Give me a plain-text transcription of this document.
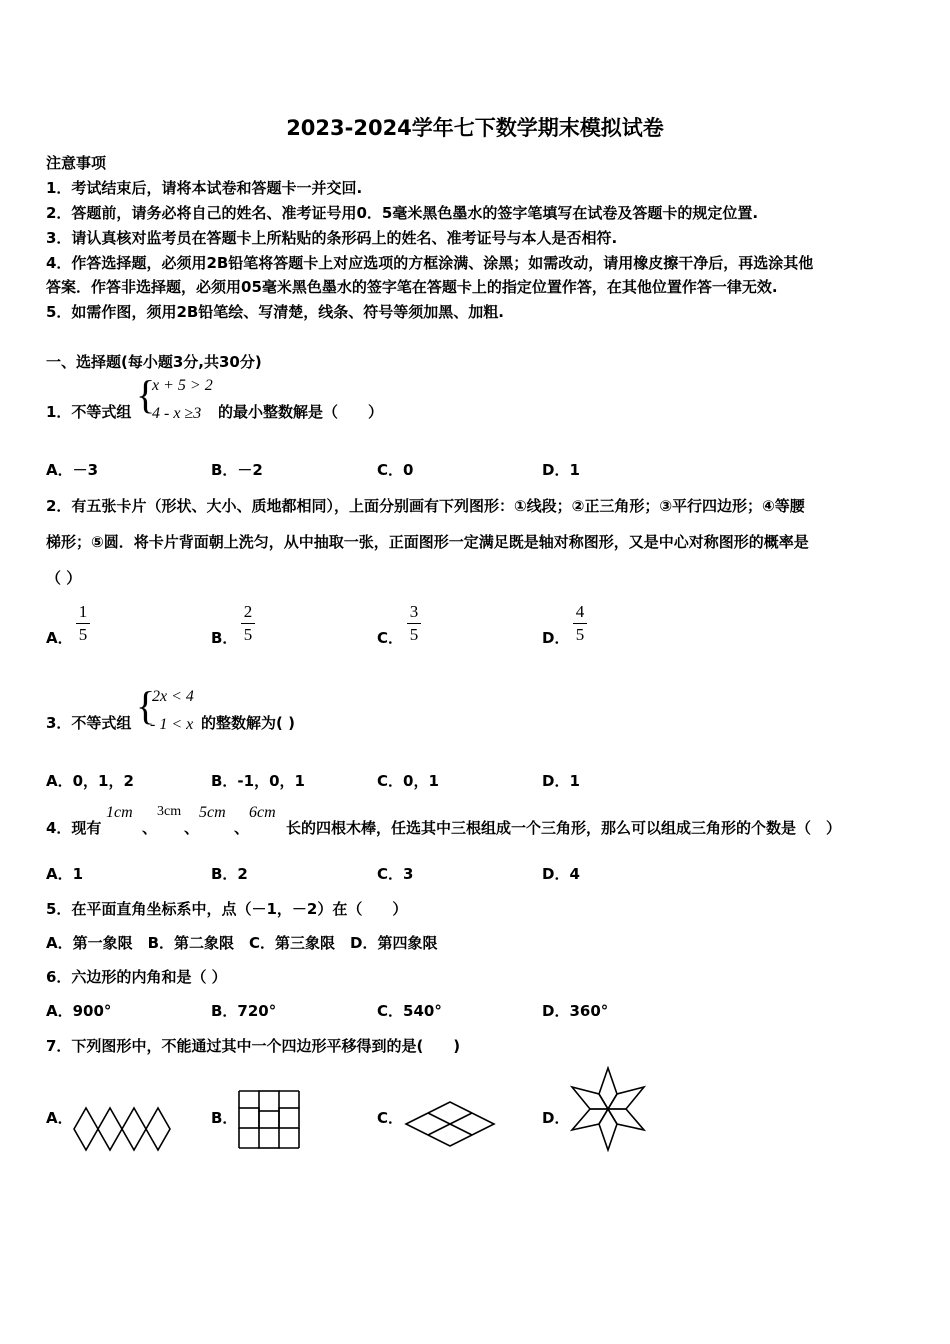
2023-2024学年七下数学期末模拟试卷
注意事项
1．考试结束后，请将本试卷和答题卡一并交回.
2．答题前，请务必将自己的姓名、准考证号用0．5毫米黑色墨水的签字笔填写在试卷及答题卡的规定位置.
3．请认真核对监考员在答题卡上所粘贴的条形码上的姓名、准考证号与本人是否相符.
4．作答选择题，必须用2B铅笔将答题卡上对应选项的方框涂满、涂黑；如需改动，请用橡皮擦干净后，再选涂其他
答案．作答非选择题，必须用05毫米黑色墨水的签字笔在答题卡上的指定位置作答，在其他位置作答一律无效.
5．如需作图，须用2B铅笔绘、写清楚，线条、符号等须加黑、加粗.
一、选择题(每小题3分,共30分)
1．不等式组 {
x + 5 > 2
4 - x ≥3 的最小整数解是（　　）
A．－3	B．－2	C．0	D．1
2．有五张卡片（形状、大小、质地都相同），上面分别画有下列图形：①线段；②正三角形；③平行四边形；④等腰
梯形；⑤圆．将卡片背面朝上洗匀，从中抽取一张，正面图形一定满足既是轴对称图形，又是中心对称图形的概率是
（ ）
A．
1
5	B．
2
5	C．
3
5	D．
4
5
3．不等式组 {
2x < 4
- 1 < x 的整数解为( )
A．0，1，2	B．-1，0，1	C．0，1	D．1
4．现有
1cm
、
3cm
、
5cm
、
6cm
长的四根木棒，任选其中三根组成一个三角形，那么可以组成三角形的个数是（　）
A．1	B．2	C．3	D．4
5．在平面直角坐标系中，点（－1，－2）在（　　）
A．第一象限　B．第二象限　C．第三象限　D．第四象限
6．六边形的内角和是（ ）
A．900°	B．720°	C．540°	D．360°
7．下列图形中，不能通过其中一个四边形平移得到的是(　　)
A．	B．	C．	D．
